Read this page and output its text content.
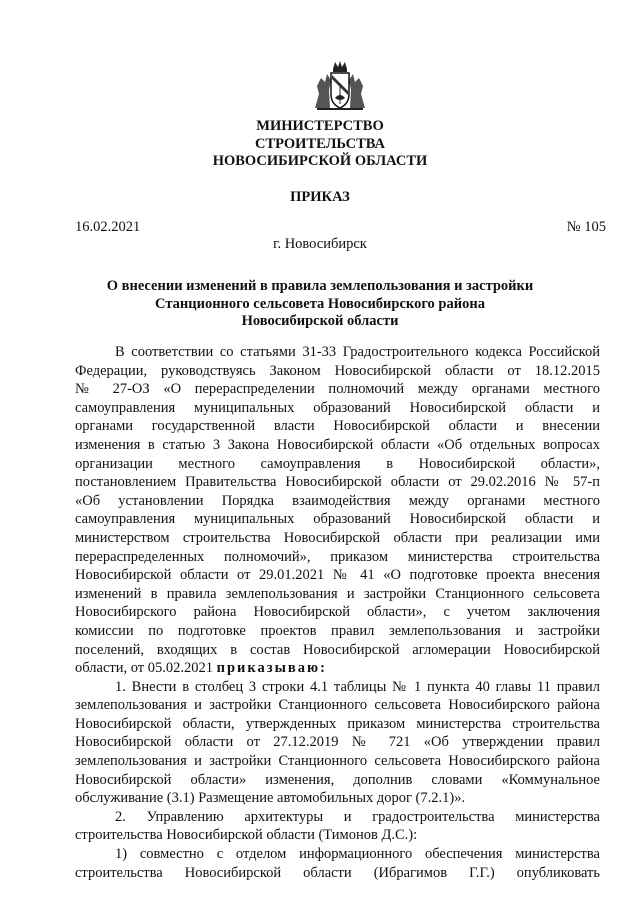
МИНИСТЕРСТВО
СТРОИТЕЛЬСТВА
НОВОСИБИРСКОЙ ОБЛАСТИ
ПРИКАЗ
16.02.2021	№ 105
г. Новосибирск
О внесении изменений в правила землепользования и застройки
Станционного сельсовета Новосибирского района
Новосибирской области
В соответствии со статьями 31-33 Градостроительного кодекса Российской
Федерации, руководствуясь Законом Новосибирской области от 18.12.2015
№ 27-ОЗ «О перераспределении полномочий между органами местного
самоуправления муниципальных образований Новосибирской области и
органами государственной власти Новосибирской области и внесении
изменения в статью 3 Закона Новосибирской области «Об отдельных вопросах
организации местного самоуправления в Новосибирской области»,
постановлением Правительства Новосибирской области от 29.02.2016 № 57-п
«Об установлении Порядка взаимодействия между органами местного
самоуправления муниципальных образований Новосибирской области и
министерством строительства Новосибирской области при реализации ими
перераспределенных полномочий», приказом министерства строительства
Новосибирской области от 29.01.2021 № 41 «О подготовке проекта внесения
изменений в правила землепользования и застройки Станционного сельсовета
Новосибирского района Новосибирской области», с учетом заключения
комиссии по подготовке проектов правил землепользования и застройки
поселений, входящих в состав Новосибирской агломерации Новосибирской
области, от 05.02.2021 приказываю:
1. Внести в столбец 3 строки 4.1 таблицы № 1 пункта 40 главы 11 правил
землепользования и застройки Станционного сельсовета Новосибирского района
Новосибирской области, утвержденных приказом министерства строительства
Новосибирской области от 27.12.2019 № 721 «Об утверждении правил
землепользования и застройки Станционного сельсовета Новосибирского района
Новосибирской области» изменения, дополнив словами «Коммунальное
обслуживание (3.1) Размещение автомобильных дорог (7.2.1)».
2. Управлению архитектуры и градостроительства министерства
строительства Новосибирской области (Тимонов Д.С.):
1) совместно с отделом информационного обеспечения министерства
строительства Новосибирской области (Ибрагимов Г.Г.) опубликовать
